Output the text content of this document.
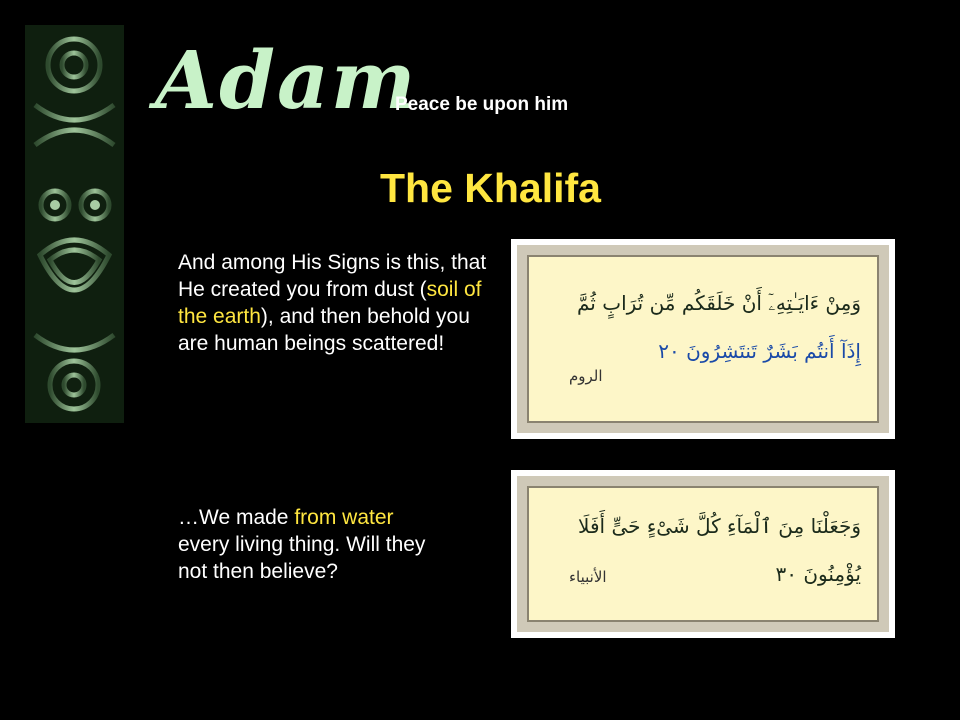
Adam
Peace be upon him
The Khalifa

And among His Signs is this, that He created you from dust (soil of the earth), and then behold you are human beings scattered!

…We made from water every living thing. Will they not then believe?

وَمِنْ ءَايَـٰتِهِۦٓ أَنْ خَلَقَكُم مِّن تُرَابٍ ثُمَّ
إِذَآ أَنتُم بَشَرٌ تَنتَشِرُونَ ٢٠
الروم
وَجَعَلْنَا مِنَ ٱلْمَآءِ كُلَّ شَىْءٍ حَىٍّ أَفَلَا
يُؤْمِنُونَ ٣٠
الأنبياء
